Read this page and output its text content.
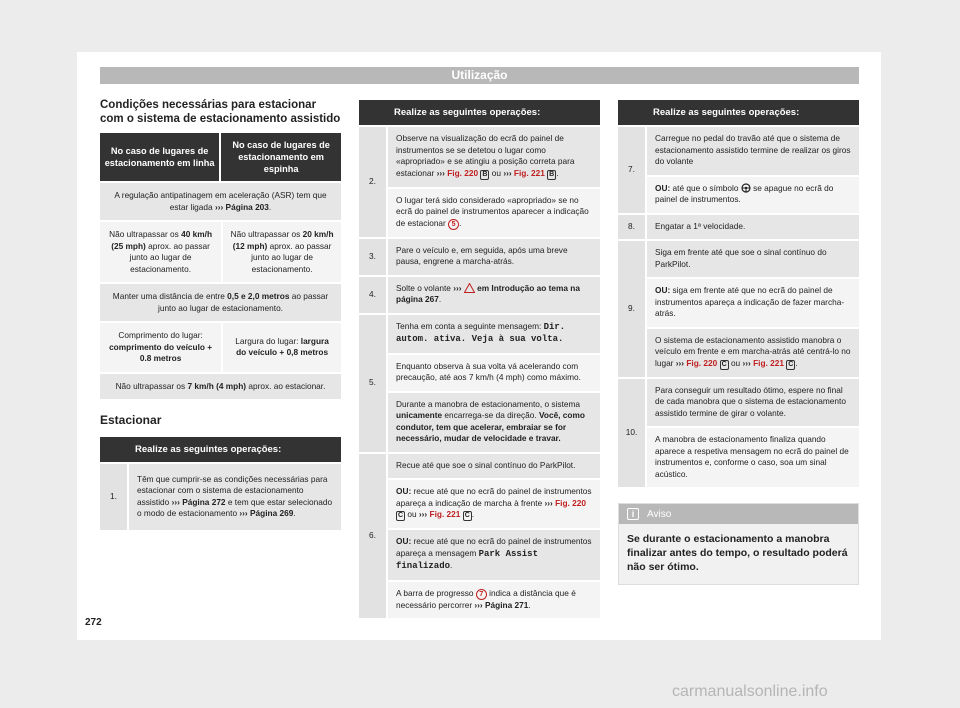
Utilização
Condições necessárias para estacionar com o sistema de estacionamento assistido
No caso de lugares de estacionamento em linha	No caso de lugares de estacionamento em espinha
A regulação antipatinagem em aceleração (ASR) tem que estar ligada ››› Página 203.	
Não ultrapassar os 40 km/h (25 mph) aprox. ao passar junto ao lugar de estacionamento.	Não ultrapassar os 20 km/h (12 mph) aprox. ao passar junto ao lugar de estacionamento.
Manter uma distância de entre 0,5 e 2,0 metros ao passar junto ao lugar de estacionamento.	
Comprimento do lugar: comprimento do veículo + 0.8 metros	Largura do lugar: largura do veículo + 0,8 metros
Não ultrapassar os 7 km/h (4 mph) aprox. ao estacionar.	
Estacionar
	Realize as seguintes operações:
1.	Têm que cumprir-se as condições necessárias para estacionar com o sistema de estacionamento assistido ››› Página 272 e tem que estar selecionado o modo de estacionamento ››› Página 269.
	Realize as seguintes operações:
2.	Observe na visualização do ecrã do painel de instrumentos se se detetou o lugar como «apropriado» e se atingiu a posição correta para estacionar ››› Fig. 220 B ou ››› Fig. 221 B .
	O lugar terá sido considerado «apropriado» se no ecrã do painel de instrumentos aparecer a indicação de estacionar 5 .
3.	Pare o veículo e, em seguida, após uma breve pausa, engrene a marcha-atrás.
4.	Solte o volante ›››  em Introdução ao tema na página 267.
5.	Tenha em conta a seguinte mensagem: Dir. autom. ativa. Veja à sua volta.
	Enquanto observa à sua volta vá acelerando com precaução, até aos 7 km/h (4 mph) como máximo.
	Durante a manobra de estacionamento, o sistema unicamente encarrega-se da direção. Você, como condutor, tem que acelerar, embraiar se for necessário, mudar de velocidade e travar.
6.	Recue até que soe o sinal contínuo do ParkPilot.
	OU: recue até que no ecrã do painel de instrumentos apareça a indicação de marcha à frente ››› Fig. 220 C ou ››› Fig. 221 C .
	OU: recue até que no ecrã do painel de instrumentos apareça a mensagem Park Assist finalizado.
	A barra de progresso 7 indica a distância que é necessário percorrer ››› Página 271.
	Realize as seguintes operações:
7.	Carregue no pedal do travão até que o sistema de estacionamento assistido termine de realizar os giros do volante
	OU: até que o símbolo  se apague no ecrã do painel de instrumentos.
8.	Engatar a 1ª velocidade.
9.	Siga em frente até que soe o sinal contínuo do ParkPilot.
	OU: siga em frente até que no ecrã do painel de instrumentos apareça a indicação de fazer marcha-atrás.
	O sistema de estacionamento assistido manobra o veículo em frente e em marcha-atrás até centrá-lo no lugar ››› Fig. 220 C ou ››› Fig. 221 C .
10.	Para conseguir um resultado ótimo, espere no final de cada manobra que o sistema de estacionamento assistido termine de girar o volante.
	A manobra de estacionamento finaliza quando aparece a respetiva mensagem no ecrã do painel de instrumentos e, conforme o caso, soa um sinal acústico.
i Aviso
Se durante o estacionamento a manobra finalizar antes do tempo, o resultado poderá não ser ótimo.
272
carmanualsonline.info
